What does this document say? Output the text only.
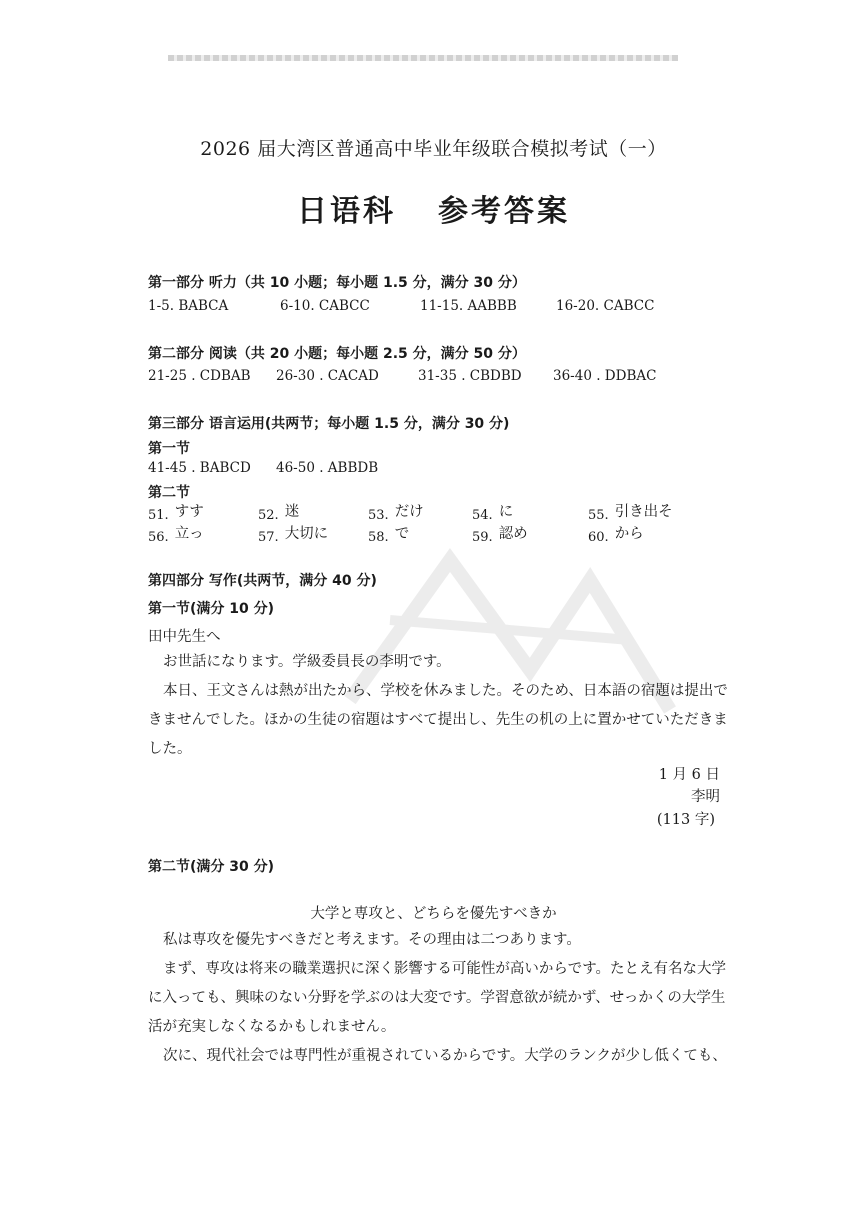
2026 届大湾区普通高中毕业年级联合模拟考试（一）
日语科 参考答案
第一部分 听力（共 10 小题；每小题 1.5 分，满分 30 分）
1-5. BABCA	6-10. CABCC	11-15. AABBB	16-20. CABCC
第二部分 阅读（共 20 小题；每小题 2.5 分，满分 50 分）
21-25 . CDBAB 26-30 . CACAD	31-35 . CBDBD 36-40 . DDBAC
第三部分 语言运用(共两节；每小题 1.5 分，满分 30 分)
第一节
41-45 . BABCD 46-50 . ABBDB
第二节
51. すす	52. 迷	53. だけ	54. に	55. 引き出そ
56. 立っ	57. 大切に	58. で	59. 認め	60. から
第四部分 写作(共两节，满分 40 分)
第一节(满分 10 分)
田中先生へ
お世話になります。学級委員長の李明です。
本日、王文さんは熱が出たから、学校を休みました。そのため、日本語の宿題は提出できませんでした。ほかの生徒の宿題はすべて提出し、先生の机の上に置かせていただきました。
1 月 6 日
李明
(113 字)
第二节(满分 30 分)
大学と専攻と、どちらを優先すべきか
私は専攻を優先すべきだと考えます。その理由は二つあります。
まず、専攻は将来の職業選択に深く影響する可能性が高いからです。たとえ有名な大学に入っても、興味のない分野を学ぶのは大変です。学習意欲が続かず、せっかくの大学生活が充実しなくなるかもしれません。
次に、現代社会では専門性が重視されているからです。大学のランクが少し低くても、
